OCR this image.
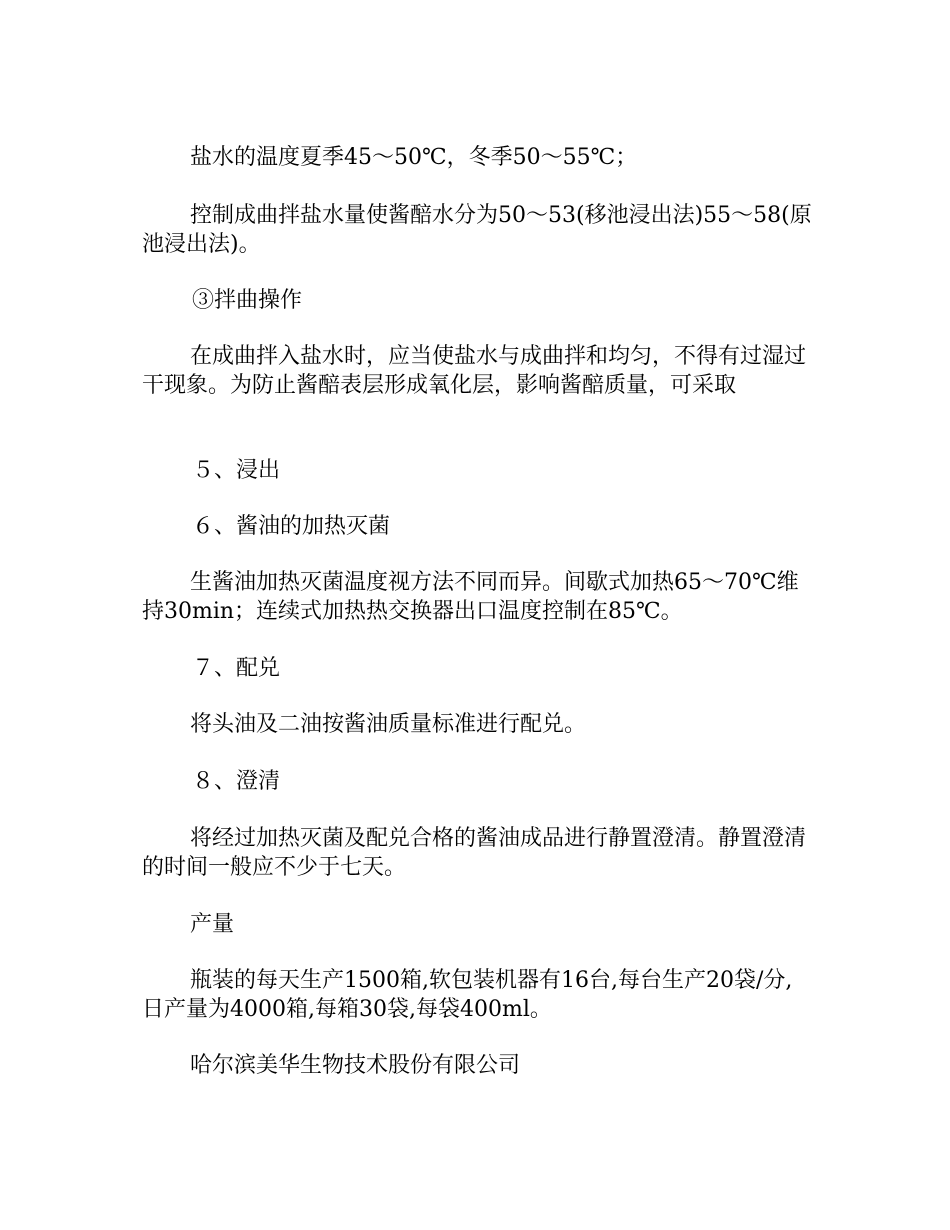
盐水的温度夏季45～50℃，冬季50～55℃；

控制成曲拌盐水量使酱醅水分为50～53(移池浸出法)55～58(原池浸出法)。

③拌曲操作

在成曲拌入盐水时，应当使盐水与成曲拌和均匀，不得有过湿过干现象。为防止酱醅表层形成氧化层，影响酱醅质量，可采取

５、浸出

６、酱油的加热灭菌

生酱油加热灭菌温度视方法不同而异。间歇式加热65～70℃维持30min；连续式加热热交换器出口温度控制在85℃。

７、配兑

将头油及二油按酱油质量标准进行配兑。

８、澄清

将经过加热灭菌及配兑合格的酱油成品进行静置澄清。静置澄清的时间一般应不少于七天。

产量

瓶装的每天生产1500箱,软包装机器有16台,每台生产20袋/分,日产量为4000箱,每箱30袋,每袋400ml。

哈尔滨美华生物技术股份有限公司
